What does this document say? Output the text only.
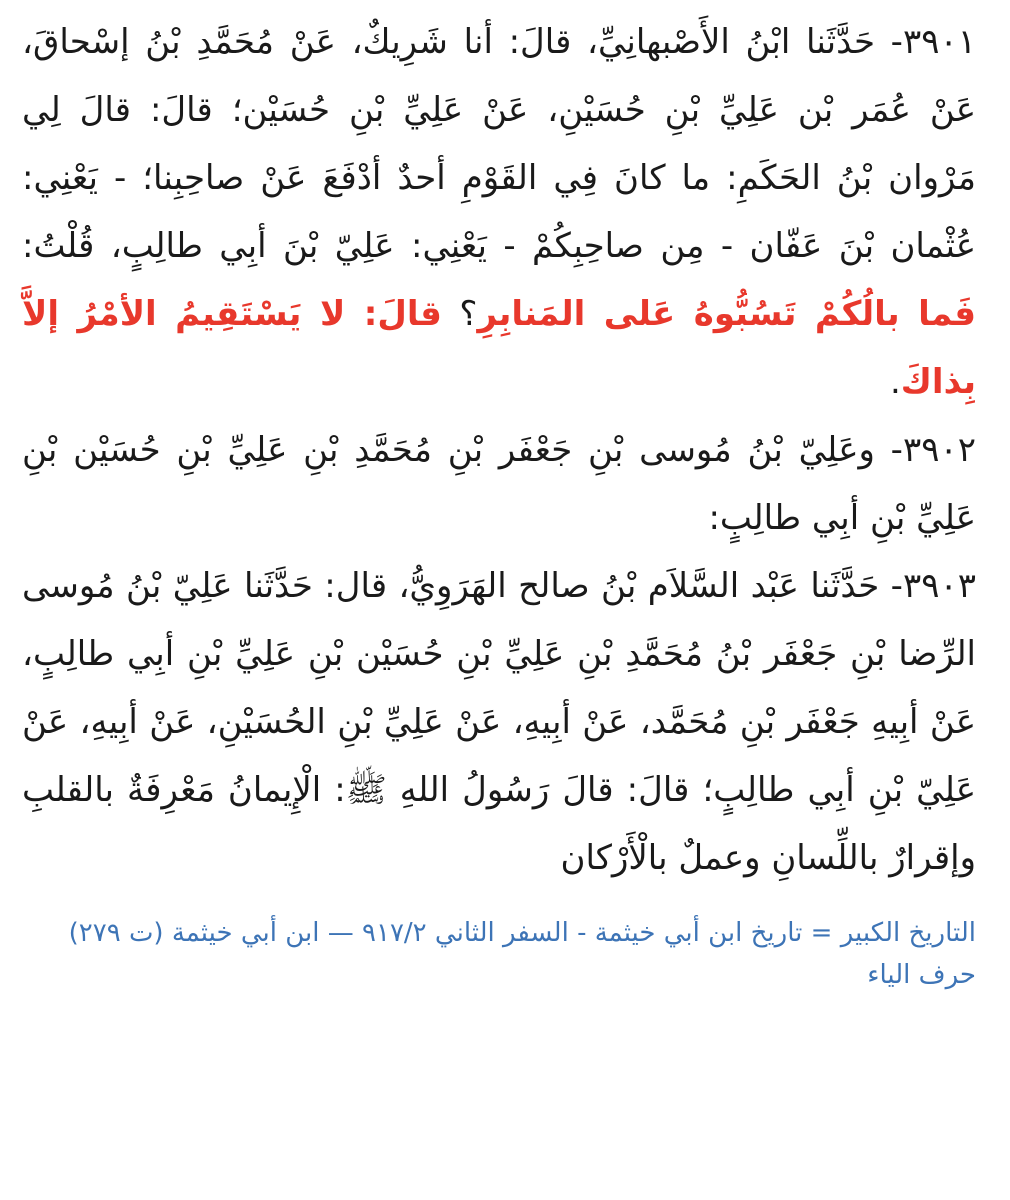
٣٩٠١- حَدَّثَنا ابْنُ الأَصْبهانِيِّ، قالَ: أنا شَرِيكٌ، عَنْ مُحَمَّدِ بْنُ إسْحاقَ، عَنْ عُمَر بْن عَلِيِّ بْنِ حُسَيْنِ، عَنْ عَلِيِّ بْنِ حُسَيْن؛ قالَ: قالَ لِي مَرْوان بْنُ الحَكَمِ: ما كانَ فِي القَوْمِ أحدٌ أدْفَعَ عَنْ صاحِبِنا؛ - يَعْنِي: عُثْمان بْنَ عَفّان - مِن صاحِبِكُمْ - يَعْنِي: عَلِيّ بْنَ أبِي طالِبٍ، قُلْتُ: فَما بالُكُمْ تَسُبُّوهُ عَلى المَنابِرِ؟ قالَ: لا يَسْتَقِيمُ الأمْرُ إلاَّ بِذاكَ.

٣٩٠٢- وعَلِيّ بْنُ مُوسى بْنِ جَعْفَر بْنِ مُحَمَّدِ بْنِ عَلِيِّ بْنِ حُسَيْن بْنِ عَلِيِّ بْنِ أبِي طالِبٍ:

٣٩٠٣- حَدَّثَنا عَبْد السَّلاَم بْنُ صالح الهَرَوِيُّ، قال: حَدَّثَنا عَلِيّ بْنُ مُوسى الرِّضا بْنِ جَعْفَر بْنُ مُحَمَّدِ بْنِ عَلِيِّ بْنِ حُسَيْن بْنِ عَلِيِّ بْنِ أبِي طالِبٍ، عَنْ أبِيهِ جَعْفَر بْنِ مُحَمَّد، عَنْ أبِيهِ، عَنْ عَلِيِّ بْنِ الحُسَيْنِ، عَنْ أبِيهِ، عَنْ عَلِيّ بْنِ أبِي طالِبٍ؛ قالَ: قالَ رَسُولُ اللهِ ﷺ: الْإِيمانُ مَعْرِفَةٌ بالقلبِ وإقرارٌ باللِّسانِ وعملٌ بالْأَرْكان

التاريخ الكبير = تاريخ ابن أبي خيثمة - السفر الثاني ٩١٧/٢ — ابن أبي خيثمة (ت ٢٧٩)
حرف الياء
